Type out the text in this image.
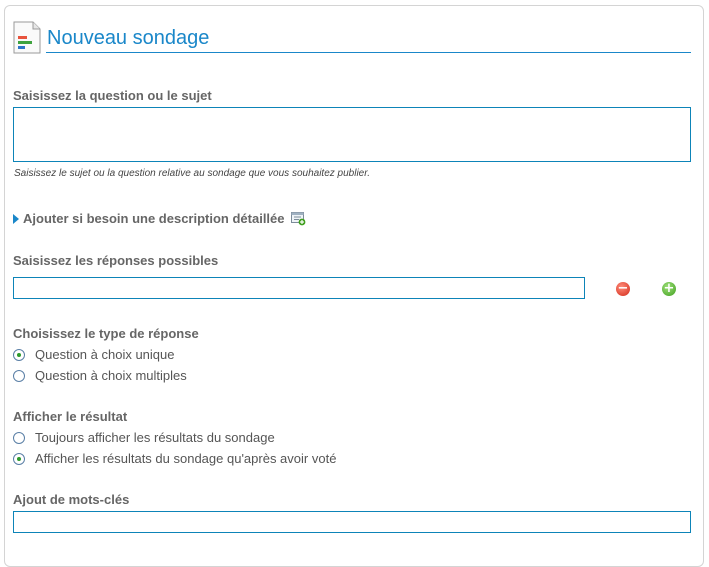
Nouveau sondage
Saisissez la question ou le sujet
Saisissez le sujet ou la question relative au sondage que vous souhaitez publier.
Ajouter si besoin une description détaillée
Saisissez les réponses possibles
−	+
Choisissez le type de réponse
Question à choix unique
Question à choix multiples
Afficher le résultat
Toujours afficher les résultats du sondage
Afficher les résultats du sondage qu'après avoir voté
Ajout de mots-clés
